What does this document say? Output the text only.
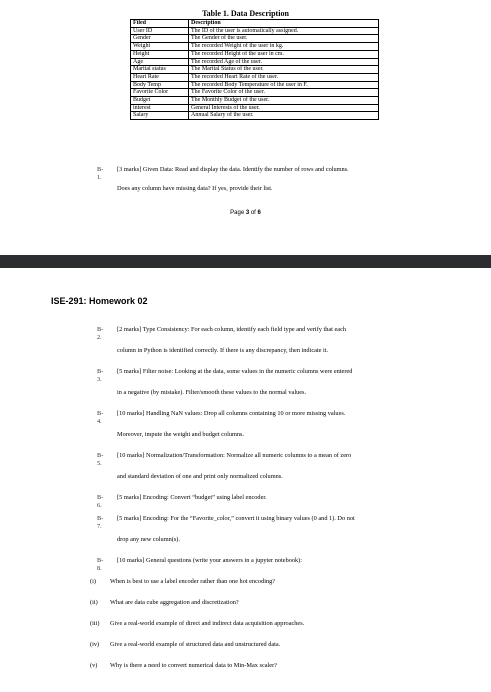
Table 1. Data Description
Filed	Description
User ID	The ID of the user is automatically assigned.
Gender	The Gender of the user.
Weight	The recorded Weight of the user in kg.
Height	The recorded Height of the user in cm.
Age	The recorded Age of the user.
Marital status	The Marital Status of the user.
Heart Rate	The recorded Heart Rate of the user.
Body Temp	The recorded Body Temperature of the user in F.
Favorite Color	The Favorite Color of the user.
Budget	The Monthly Budget of the user.
interest	General Interests of the user.
Salary	Annual Salary of the user.
B-1.
[3 marks] Given Data: Read and display the data. Identify the number of rows and columns.
Does any column have missing data? If yes, provide their list.
Page 3 of 6
ISE-291: Homework 02
B-2.
[2 marks] Type Consistency: For each column, identify each field type and verify that each
column in Python is identified correctly. If there is any discrepancy, then indicate it.
B-3.
[5 marks] Filter noise: Looking at the data, some values in the numeric columns were entered
in a negative (by mistake). Filter/smooth these values to the normal values.
B-4.
[10 marks] Handling NaN values: Drop all columns containing 10 or more missing values.
Moreover, impute the weight and budget columns.
B-5.
[10 marks] Normalization/Transformation: Normalize all numeric columns to a mean of zero
and standard deviation of one and print only normalized columns.
B-6.
[5 marks] Encoding: Convert “budget” using label encoder.
B-7.
[5 marks] Encoding: For the “Favorite_color,” convert it using binary values (0 and 1). Do not
drop any new column(s).
B-8.
[10 marks] General questions (write your answers in a jupyter notebook):
(i) When is best to use a label encoder rather than one hot encoding?
(ii) What are data cube aggregation and discretization?
(iii) Give a real-world example of direct and indirect data acquisition approaches.
(iv) Give a real-world example of structured data and unstructured data.
(v) Why is there a need to convert numerical data to Min-Max scaler?
